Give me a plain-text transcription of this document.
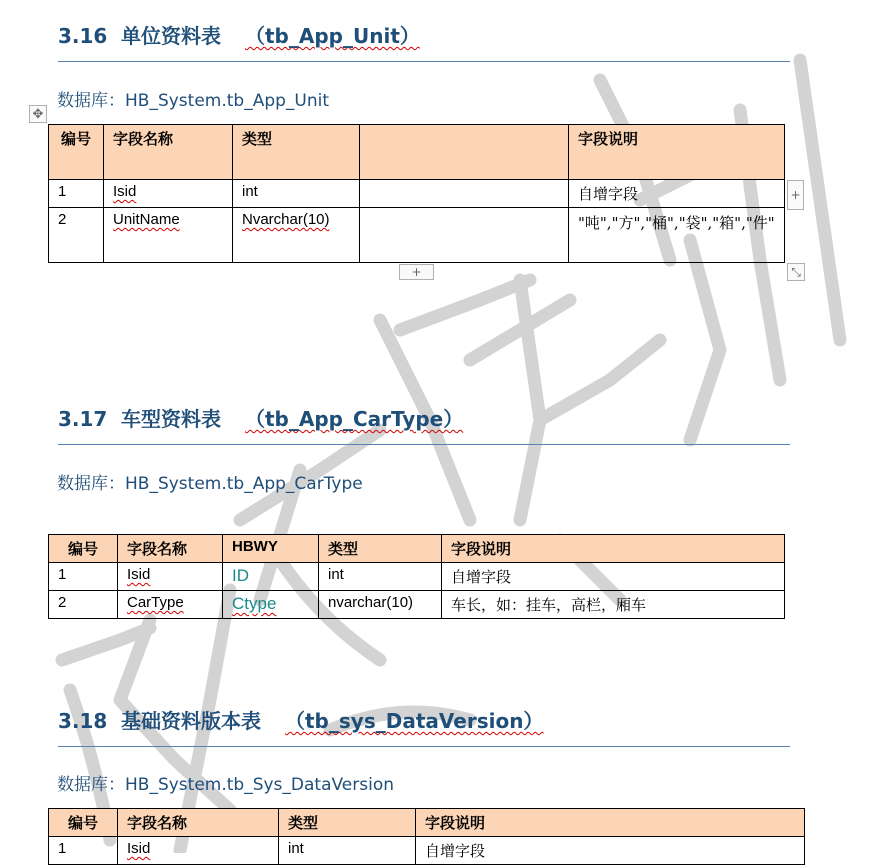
3.16 单位资料表 （tb_App_Unit）
数据库：HB_System.tb_App_Unit
✥
编号	字段名称	类型		字段说明
1	Isid	int		自增字段
2	UnitName	Nvarchar(10)		"吨","方","桶","袋","箱","件"
+
+	⤡
3.17 车型资料表 （tb_App_CarType）
数据库：HB_System.tb_App_CarType
编号	字段名称	HBWY	类型	字段说明
1	Isid	ID	int	自增字段
2	CarType	Ctype	nvarchar(10)	车长，如：挂车，高栏，厢车
3.18 基础资料版本表 （tb_sys_DataVersion）
数据库：HB_System.tb_Sys_DataVersion
编号	字段名称	类型	字段说明
1	Isid	int	自增字段
